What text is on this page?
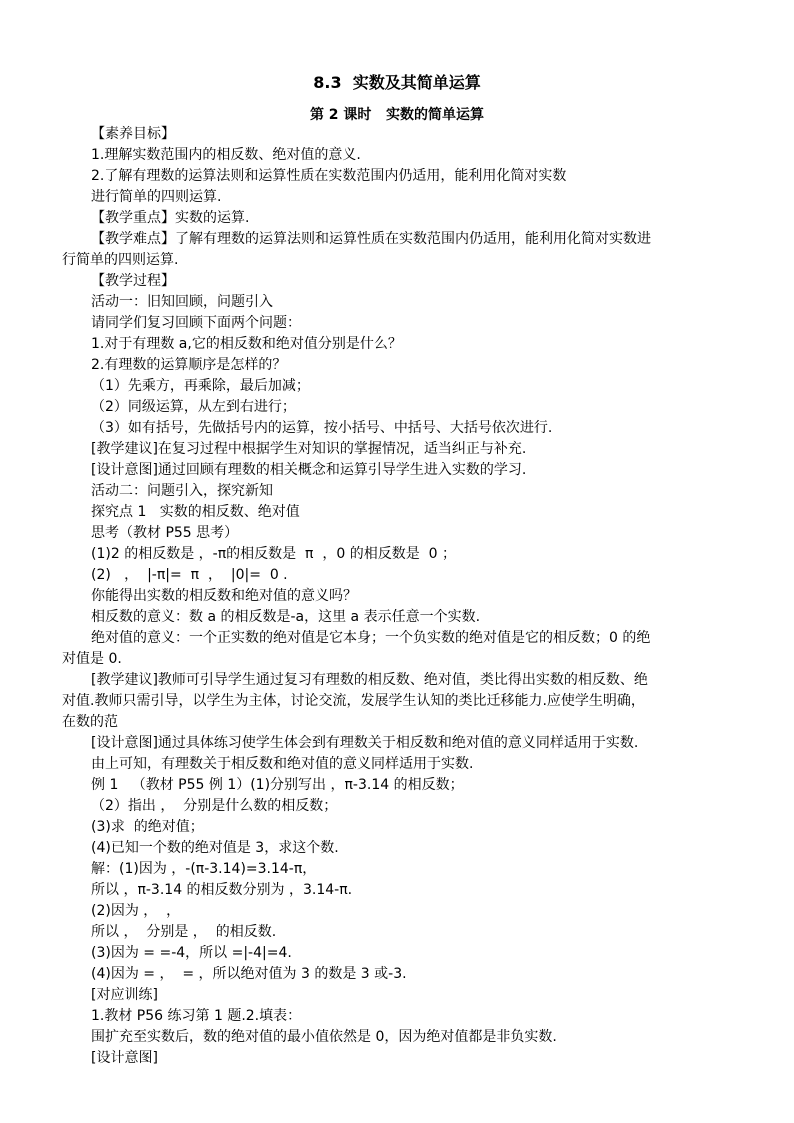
8.3  实数及其简单运算
第 2 课时   实数的简单运算
【素养目标】
1.理解实数范围内的相反数、绝对值的意义.
2.了解有理数的运算法则和运算性质在实数范围内仍适用，能利用化简对实数
进行简单的四则运算.
【教学重点】实数的运算.
【教学难点】了解有理数的运算法则和运算性质在实数范围内仍适用，能利用化简对实数进
行简单的四则运算.
【教学过程】
活动一：旧知回顾，问题引入
请同学们复习回顾下面两个问题：
1.对于有理数 a,它的相反数和绝对值分别是什么？
2.有理数的运算顺序是怎样的？
（1）先乘方，再乘除，最后加减；
（2）同级运算，从左到右进行；
（3）如有括号，先做括号内的运算，按小括号、中括号、大括号依次进行.
[教学建议]在复习过程中根据学生对知识的掌握情况，适当纠正与补充.
[设计意图]通过回顾有理数的相关概念和运算引导学生进入实数的学习.
活动二：问题引入，探究新知
探究点 1   实数的相反数、绝对值
思考（教材 P55 思考）
(1)2 的相反数是 ，-π的相反数是  π  ，0 的相反数是  0 ；
(2)   ，  |-π|=  π  ，  |0|=  0 .
你能得出实数的相反数和绝对值的意义吗？
相反数的意义：数 a 的相反数是-a，这里 a 表示任意一个实数.
绝对值的意义：一个正实数的绝对值是它本身；一个负实数的绝对值是它的相反数；0 的绝
对值是 0.
[教学建议]教师可引导学生通过复习有理数的相反数、绝对值，类比得出实数的相反数、绝
对值.教师只需引导，以学生为主体，讨论交流，发展学生认知的类比迁移能力.应使学生明确，
在数的范
[设计意图]通过具体练习使学生体会到有理数关于相反数和绝对值的意义同样适用于实数.
由上可知，有理数关于相反数和绝对值的意义同样适用于实数.
例 1   （教材 P55 例 1）(1)分别写出 ，π-3.14 的相反数；
（2）指出 ，  分别是什么数的相反数；
(3)求  的绝对值；
(4)已知一个数的绝对值是 3，求这个数.
解：(1)因为 ，-(π-3.14)=3.14-π，
所以 ，π-3.14 的相反数分别为 ，3.14-π.
(2)因为 ，  ，
所以 ，  分别是 ，  的相反数.
(3)因为 = =-4，所以 =|-4|=4.
(4)因为 = ，  = ，所以绝对值为 3 的数是 3 或-3.
[对应训练]
1.教材 P56 练习第 1 题.2.填表：
围扩充至实数后，数的绝对值的最小值依然是 0，因为绝对值都是非负实数.
[设计意图]
